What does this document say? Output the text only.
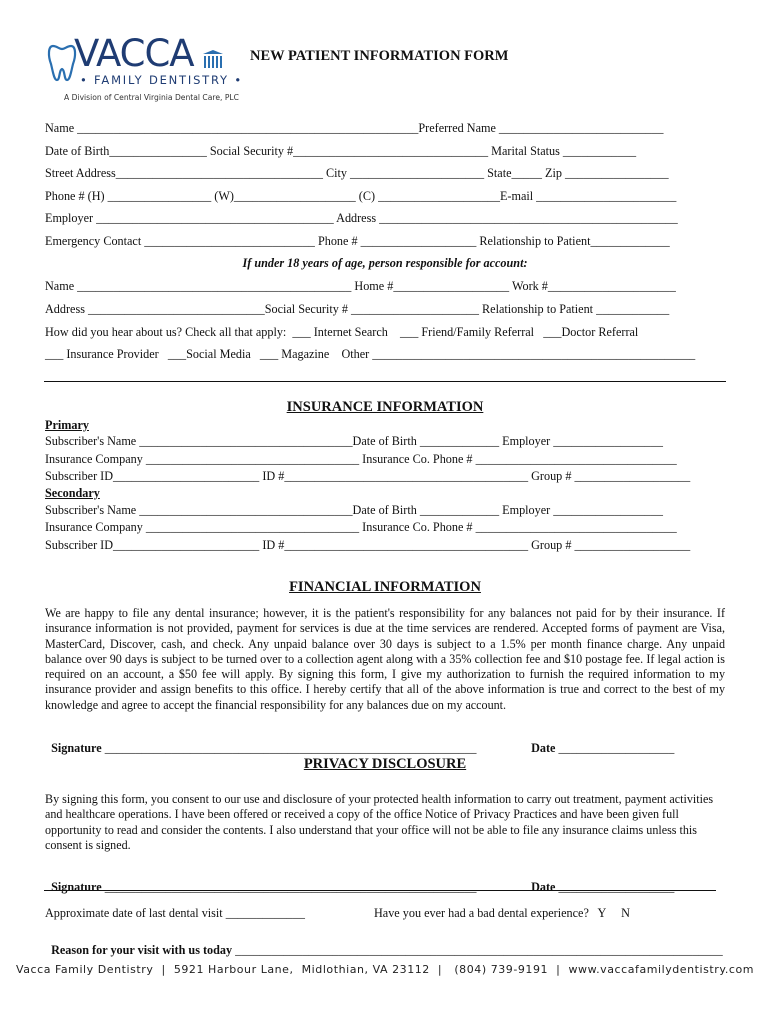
VACCA
• FAMILY DENTISTRY •
A Division of Central Virginia Dental Care, PLC
NEW PATIENT INFORMATION FORM
Name ________________________________________________________Preferred Name ___________________________
Date of Birth________________ Social Security #________________________________ Marital Status ____________
Street Address__________________________________ City ______________________ State_____ Zip _________________
Phone # (H) _________________ (W)____________________ (C) ____________________E-mail _______________________
Employer _______________________________________ Address _________________________________________________
Emergency Contact ____________________________ Phone # ___________________ Relationship to Patient_____________
If under 18 years of age, person responsible for account:
Name _____________________________________________ Home #___________________ Work #_____________________
Address _____________________________Social Security # _____________________ Relationship to Patient ____________
How did you hear about us? Check all that apply:  ___ Internet Search    ___ Friend/Family Referral   ___Doctor Referral
___ Insurance Provider   ___Social Media   ___ Magazine    Other _____________________________________________________
INSURANCE INFORMATION
Primary
Subscriber's Name ___________________________________Date of Birth _____________ Employer __________________
Insurance Company ___________________________________ Insurance Co. Phone # _________________________________
Subscriber ID________________________ ID #________________________________________ Group # ___________________
Secondary
Subscriber's Name ___________________________________Date of Birth _____________ Employer __________________
Insurance Company ___________________________________ Insurance Co. Phone # _________________________________
Subscriber ID________________________ ID #________________________________________ Group # ___________________
FINANCIAL INFORMATION
We are happy to file any dental insurance; however, it is the patient's responsibility for any balances not paid for by their insurance. If insurance information is not provided, payment for services is due at the time services are rendered. Accepted forms of payment are Visa, MasterCard, Discover, cash, and check. Any unpaid balance over 30 days is subject to a 1.5% per month finance charge. Any unpaid balance over 90 days is subject to be turned over to a collection agent along with a 35% collection fee and $10 postage fee. If legal action is required on an account, a $50 fee will apply. By signing this form, I give my authorization to furnish the required information to my insurance provider and assign benefits to this office. I hereby certify that all of the above information is true and correct to the best of my knowledge and agree to accept the financial responsibility for any balances due on my account.

Signature _____________________________________________________________	Date ___________________

PRIVACY DISCLOSURE
By signing this form, you consent to our use and disclosure of your protected health information to carry out treatment, payment activities and healthcare operations. I have been offered or received a copy of the office Notice of Privacy Practices and have been given full opportunity to read and consider the contents. I also understand that your office will not be able to file any insurance claims unless this consent is signed.

Signature _____________________________________________________________	Date ___________________

Approximate date of last dental visit _____________	Have you ever had a bad dental experience?   Y     N

Reason for your visit with us today ________________________________________________________________________________

Vacca Family Dentistry  |  5921 Harbour Lane,  Midlothian, VA 23112  |   (804) 739-9191  |  www.vaccafamilydentistry.com
